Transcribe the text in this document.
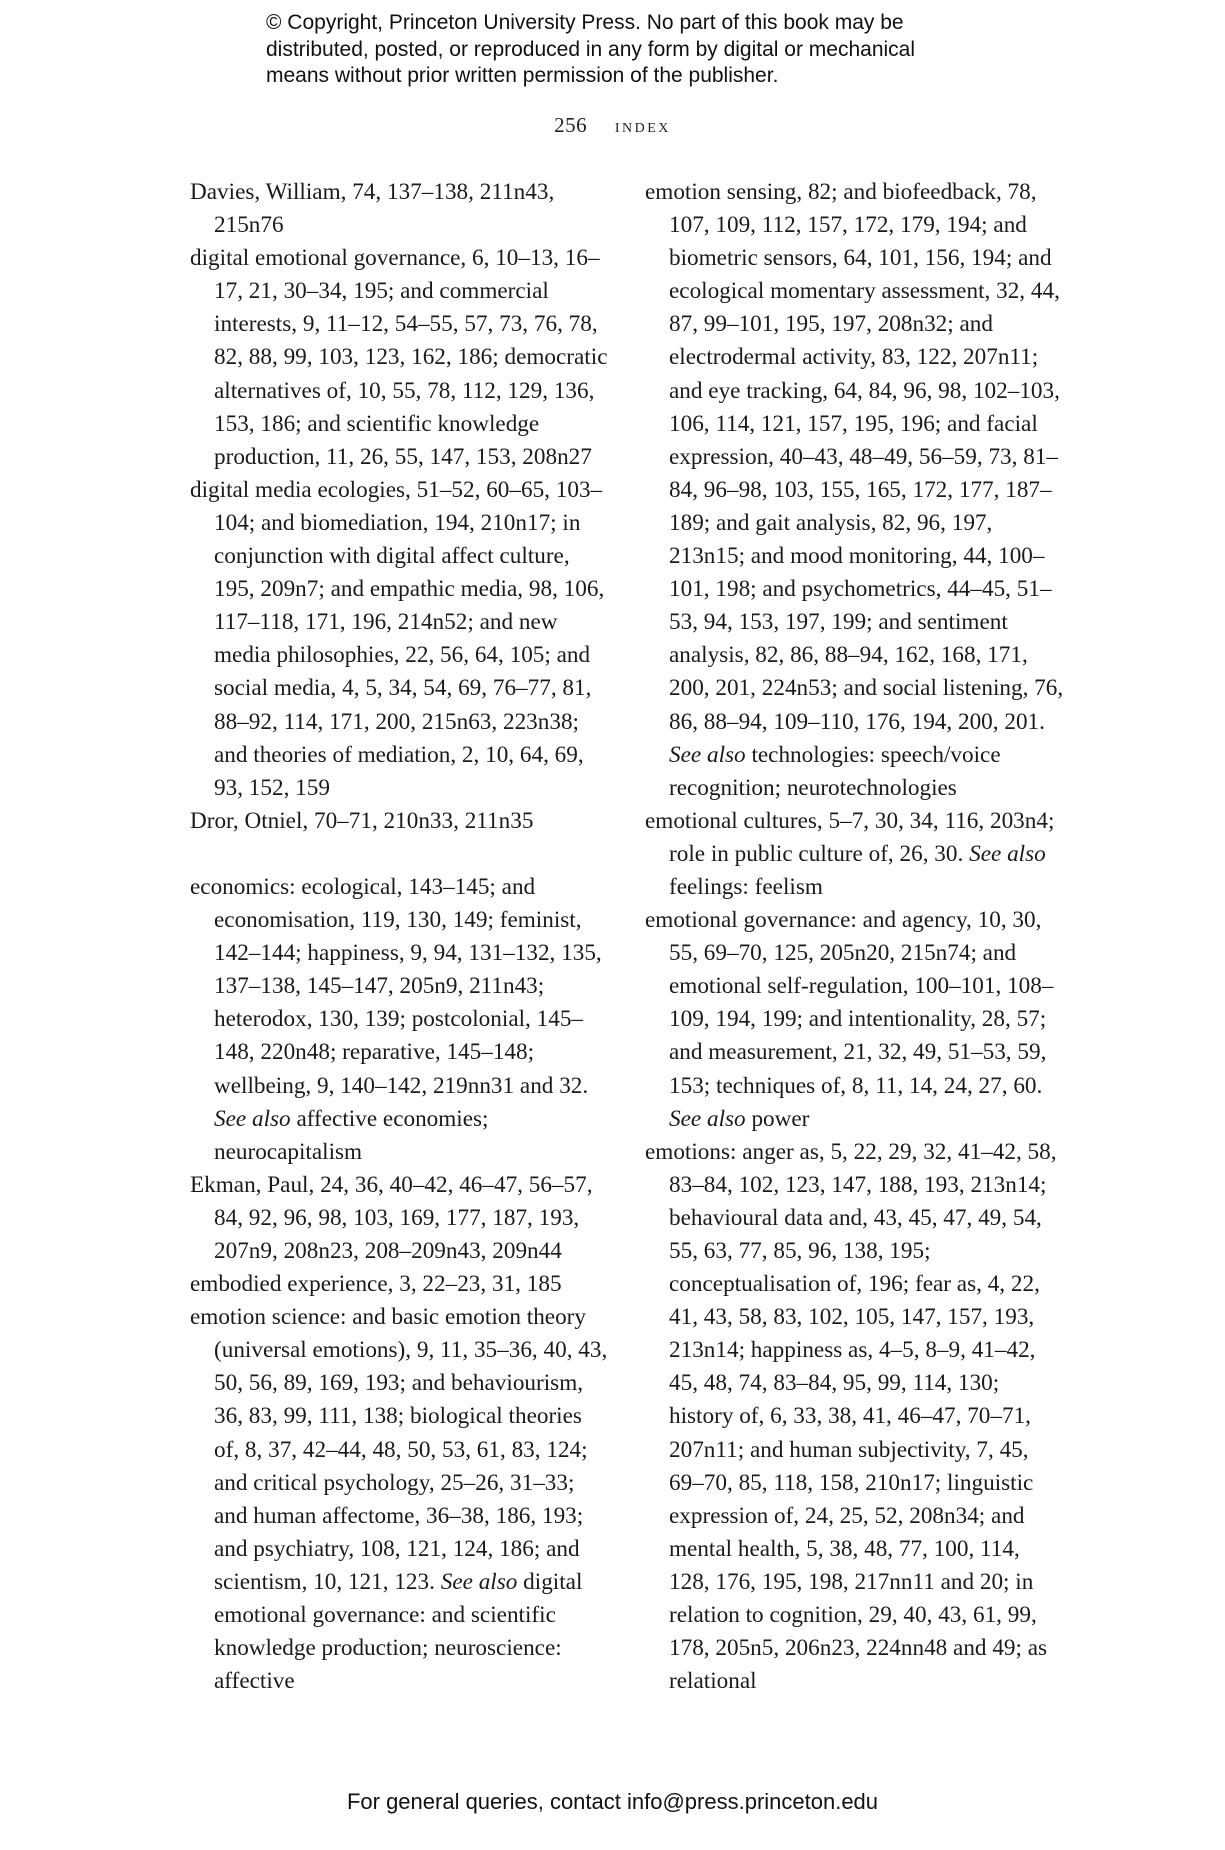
© Copyright, Princeton University Press. No part of this book may be
distributed, posted, or reproduced in any form by digital or mechanical
means without prior written permission of the publisher.
256 index

Davies, William, 74, 137–138, 211n43, 215n76

digital emotional governance, 6, 10–13, 16–17, 21, 30–34, 195; and commercial interests, 9, 11–12, 54–55, 57, 73, 76, 78, 82, 88, 99, 103, 123, 162, 186; democratic alternatives of, 10, 55, 78, 112, 129, 136, 153, 186; and scientific knowledge production, 11, 26, 55, 147, 153, 208n27

digital media ecologies, 51–52, 60–65, 103–104; and biomediation, 194, 210n17; in conjunction with digital affect culture, 195, 209n7; and empathic media, 98, 106, 117–118, 171, 196, 214n52; and new media philosophies, 22, 56, 64, 105; and social media, 4, 5, 34, 54, 69, 76–77, 81, 88–92, 114, 171, 200, 215n63, 223n38; and theories of mediation, 2, 10, 64, 69, 93, 152, 159

Dror, Otniel, 70–71, 210n33, 211n35

economics: ecological, 143–145; and economisation, 119, 130, 149; feminist, 142–144; happiness, 9, 94, 131–132, 135, 137–138, 145–147, 205n9, 211n43; heterodox, 130, 139; postcolonial, 145–148, 220n48; reparative, 145–148; wellbeing, 9, 140–142, 219nn31 and 32. See also affective economies; neurocapitalism

Ekman, Paul, 24, 36, 40–42, 46–47, 56–57, 84, 92, 96, 98, 103, 169, 177, 187, 193, 207n9, 208n23, 208–209n43, 209n44

embodied experience, 3, 22–23, 31, 185

emotion science: and basic emotion theory (universal emotions), 9, 11, 35–36, 40, 43, 50, 56, 89, 169, 193; and behaviourism, 36, 83, 99, 111, 138; biological theories of, 8, 37, 42–44, 48, 50, 53, 61, 83, 124; and critical psychology, 25–26, 31–33; and human affectome, 36–38, 186, 193; and psychiatry, 108, 121, 124, 186; and scientism, 10, 121, 123. See also digital emotional governance: and scientific knowledge production; neuroscience: affective

emotion sensing, 82; and biofeedback, 78, 107, 109, 112, 157, 172, 179, 194; and biometric sensors, 64, 101, 156, 194; and ecological momentary assessment, 32, 44, 87, 99–101, 195, 197, 208n32; and electrodermal activity, 83, 122, 207n11; and eye tracking, 64, 84, 96, 98, 102–103, 106, 114, 121, 157, 195, 196; and facial expression, 40–43, 48–49, 56–59, 73, 81–84, 96–98, 103, 155, 165, 172, 177, 187–189; and gait analysis, 82, 96, 197, 213n15; and mood monitoring, 44, 100–101, 198; and psychometrics, 44–45, 51–53, 94, 153, 197, 199; and sentiment analysis, 82, 86, 88–94, 162, 168, 171, 200, 201, 224n53; and social listening, 76, 86, 88–94, 109–110, 176, 194, 200, 201. See also technologies: speech/voice recognition; neurotechnologies

emotional cultures, 5–7, 30, 34, 116, 203n4; role in public culture of, 26, 30. See also feelings: feelism

emotional governance: and agency, 10, 30, 55, 69–70, 125, 205n20, 215n74; and emotional self-regulation, 100–101, 108–109, 194, 199; and intentionality, 28, 57; and measurement, 21, 32, 49, 51–53, 59, 153; techniques of, 8, 11, 14, 24, 27, 60. See also power

emotions: anger as, 5, 22, 29, 32, 41–42, 58, 83–84, 102, 123, 147, 188, 193, 213n14; behavioural data and, 43, 45, 47, 49, 54, 55, 63, 77, 85, 96, 138, 195; conceptualisation of, 196; fear as, 4, 22, 41, 43, 58, 83, 102, 105, 147, 157, 193, 213n14; happiness as, 4–5, 8–9, 41–42, 45, 48, 74, 83–84, 95, 99, 114, 130; history of, 6, 33, 38, 41, 46–47, 70–71, 207n11; and human subjectivity, 7, 45, 69–70, 85, 118, 158, 210n17; linguistic expression of, 24, 25, 52, 208n34; and mental health, 5, 38, 48, 77, 100, 114, 128, 176, 195, 198, 217nn11 and 20; in relation to cognition, 29, 40, 43, 61, 99, 178, 205n5, 206n23, 224nn48 and 49; as relational

For general queries, contact info@press.princeton.edu
